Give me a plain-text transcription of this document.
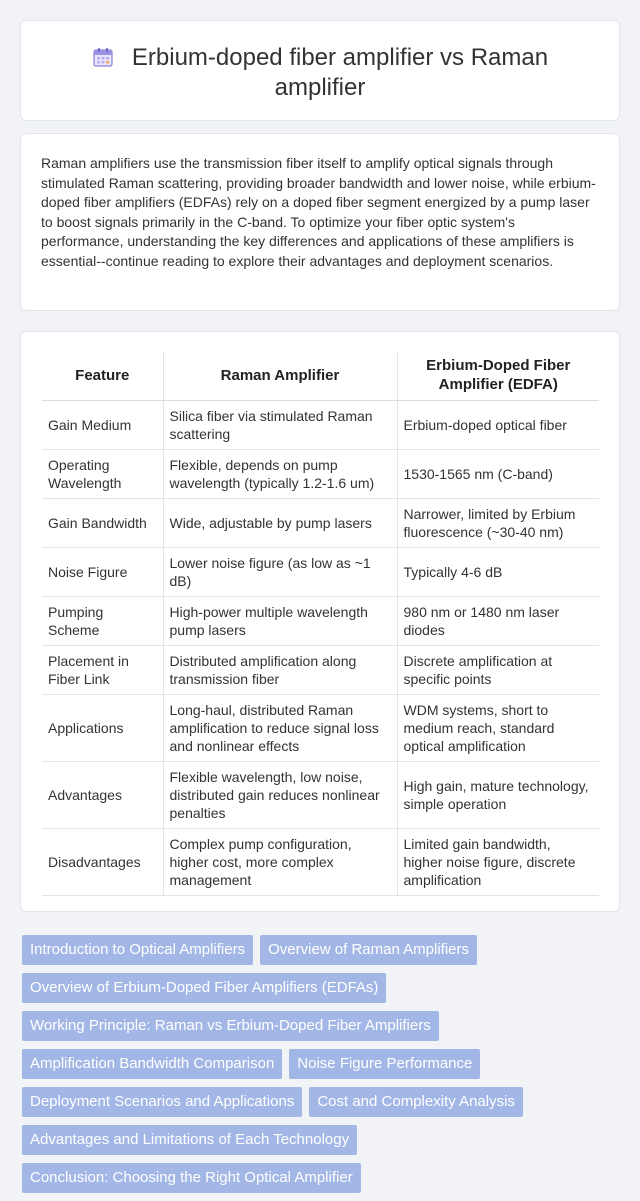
Erbium-doped fiber amplifier vs Raman amplifier

Raman amplifiers use the transmission fiber itself to amplify optical signals through stimulated Raman scattering, providing broader bandwidth and lower noise, while erbium-doped fiber amplifiers (EDFAs) rely on a doped fiber segment energized by a pump laser to boost signals primarily in the C-band. To optimize your fiber optic system's performance, understanding the key differences and applications of these amplifiers is essential--continue reading to explore their advantages and deployment scenarios.

Feature	Raman Amplifier	Erbium-Doped Fiber Amplifier (EDFA)
Gain Medium	Silica fiber via stimulated Raman scattering	Erbium-doped optical fiber
Operating Wavelength	Flexible, depends on pump wavelength (typically 1.2-1.6 um)	1530-1565 nm (C-band)
Gain Bandwidth	Wide, adjustable by pump lasers	Narrower, limited by Erbium fluorescence (~30-40 nm)
Noise Figure	Lower noise figure (as low as ~1 dB)	Typically 4-6 dB
Pumping Scheme	High-power multiple wavelength pump lasers	980 nm or 1480 nm laser diodes
Placement in Fiber Link	Distributed amplification along transmission fiber	Discrete amplification at specific points
Applications	Long-haul, distributed Raman amplification to reduce signal loss and nonlinear effects	WDM systems, short to medium reach, standard optical amplification
Advantages	Flexible wavelength, low noise, distributed gain reduces nonlinear penalties	High gain, mature technology, simple operation
Disadvantages	Complex pump configuration, higher cost, more complex management	Limited gain bandwidth, higher noise figure, discrete amplification
Introduction to Optical Amplifiers	Overview of Raman Amplifiers
Overview of Erbium-Doped Fiber Amplifiers (EDFAs)
Working Principle: Raman vs Erbium-Doped Fiber Amplifiers
Amplification Bandwidth Comparison	Noise Figure Performance
Deployment Scenarios and Applications	Cost and Complexity Analysis
Advantages and Limitations of Each Technology
Conclusion: Choosing the Right Optical Amplifier
